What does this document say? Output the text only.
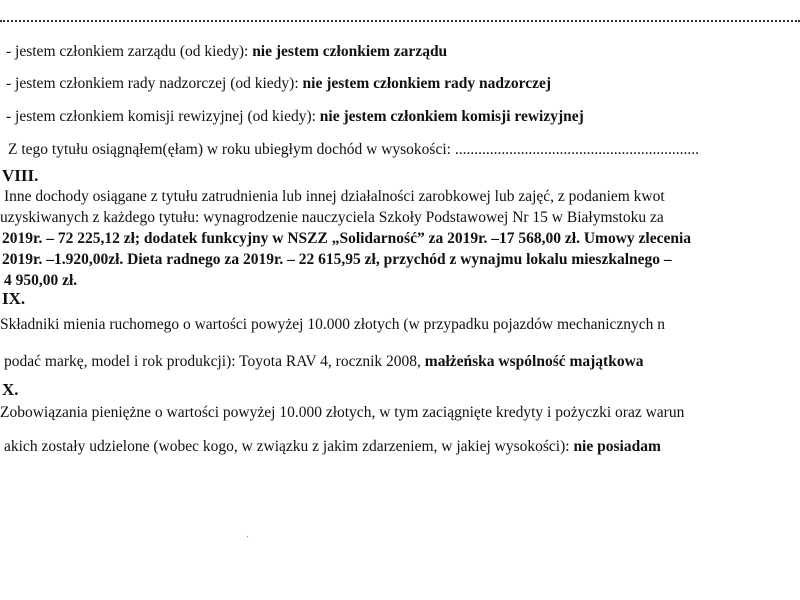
- jestem członkiem zarządu (od kiedy): nie jestem członkiem zarządu
- jestem członkiem rady nadzorczej (od kiedy): nie jestem członkiem rady nadzorczej
- jestem członkiem komisji rewizyjnej (od kiedy): nie jestem członkiem komisji rewizyjnej
Z tego tytułu osiągnąłem(ęłam) w roku ubiegłym dochód w wysokości: ...............................................................
VIII.
Inne dochody osiągane z tytułu zatrudnienia lub innej działalności zarobkowej lub zajęć, z podaniem kwot
uzyskiwanych z każdego tytułu: wynagrodzenie nauczyciela Szkoły Podstawowej Nr 15 w Białymstoku za
2019r. – 72 225,12 zł; dodatek funkcyjny w NSZZ „Solidarność” za 2019r. –17 568,00 zł. Umowy zlecenia
2019r. –1.920,00zł. Dieta radnego za 2019r. – 22 615,95 zł, przychód z wynajmu lokalu mieszkalnego –
4 950,00 zł.
IX.
Składniki mienia ruchomego o wartości powyżej 10.000 złotych (w przypadku pojazdów mechanicznych n
podać markę, model i rok produkcji): Toyota RAV 4, rocznik 2008, małżeńska wspólność majątkowa
X.
Zobowiązania pieniężne o wartości powyżej 10.000 złotych, w tym zaciągnięte kredyty i pożyczki oraz warun
akich zostały udzielone (wobec kogo, w związku z jakim zdarzeniem, w jakiej wysokości): nie posiadam
·
